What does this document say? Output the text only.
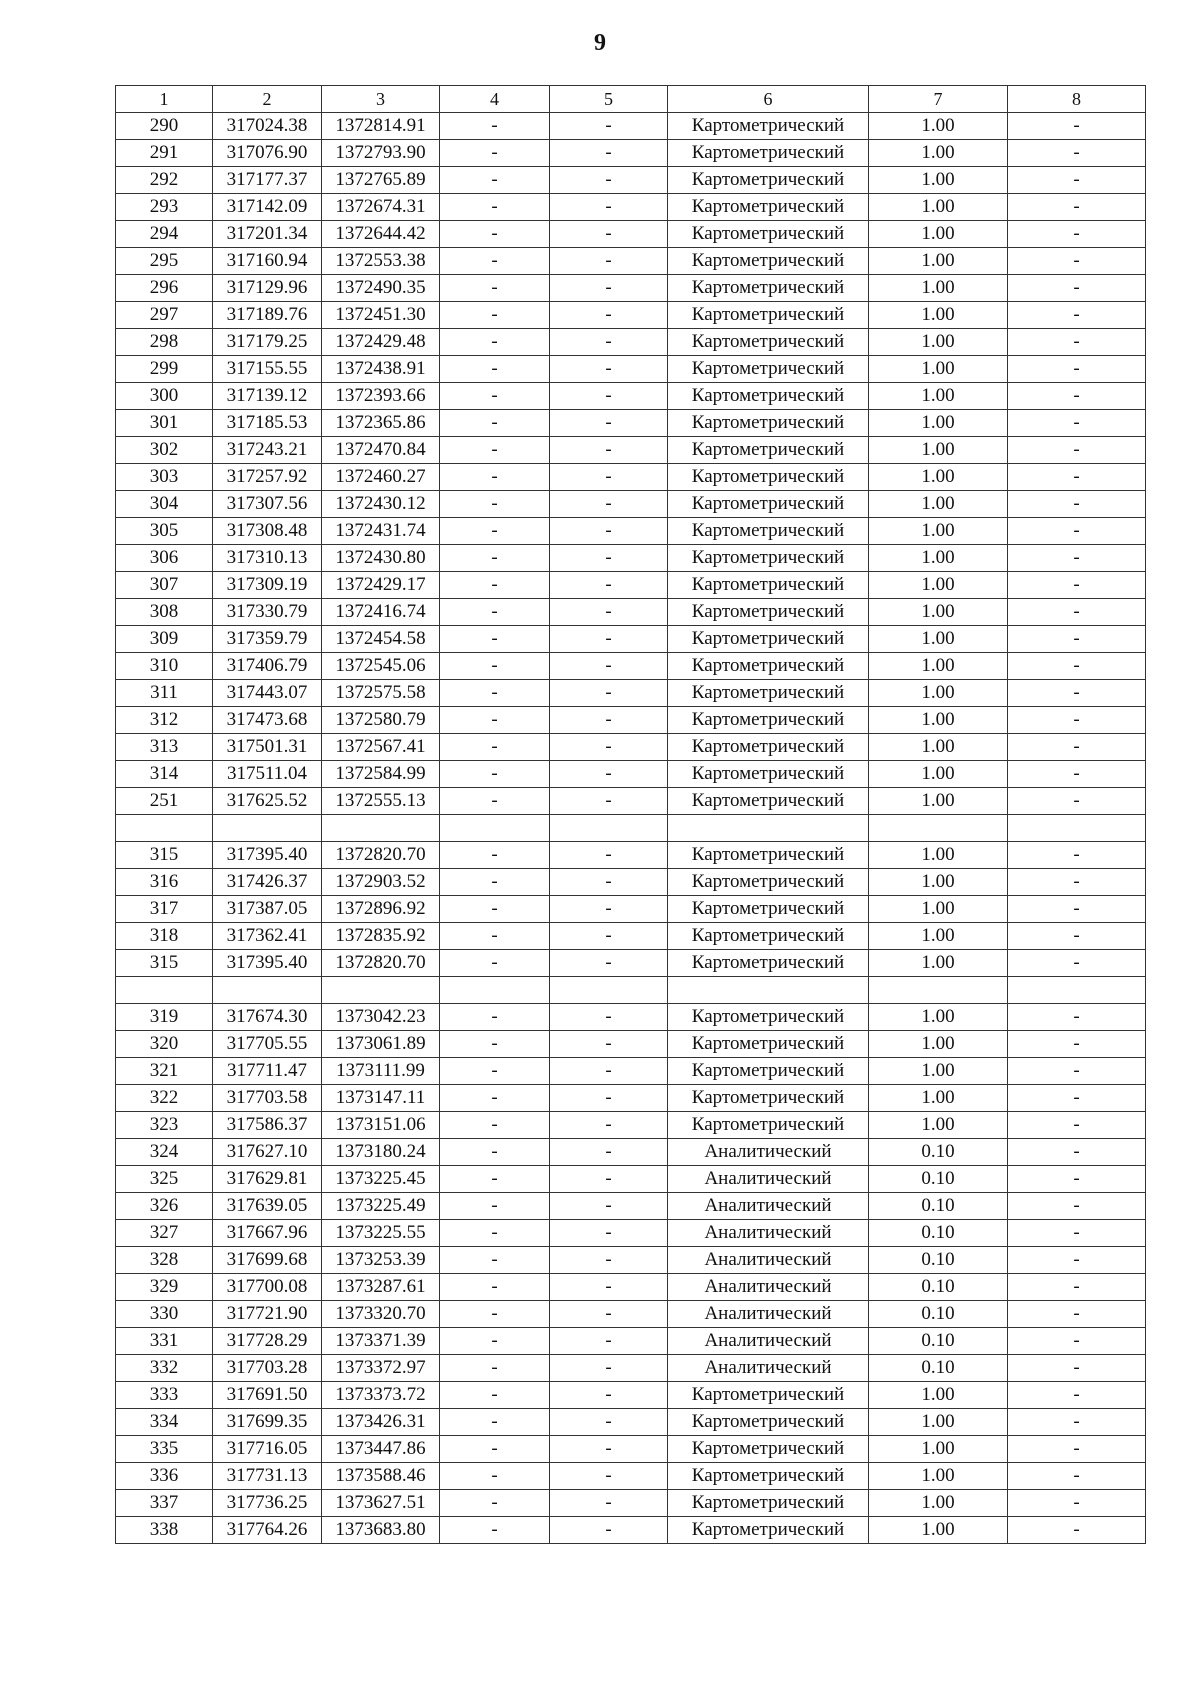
9
1	2	3	4	5	6	7	8
290	317024.38	1372814.91	-	-	Картометрический	1.00	-
291	317076.90	1372793.90	-	-	Картометрический	1.00	-
292	317177.37	1372765.89	-	-	Картометрический	1.00	-
293	317142.09	1372674.31	-	-	Картометрический	1.00	-
294	317201.34	1372644.42	-	-	Картометрический	1.00	-
295	317160.94	1372553.38	-	-	Картометрический	1.00	-
296	317129.96	1372490.35	-	-	Картометрический	1.00	-
297	317189.76	1372451.30	-	-	Картометрический	1.00	-
298	317179.25	1372429.48	-	-	Картометрический	1.00	-
299	317155.55	1372438.91	-	-	Картометрический	1.00	-
300	317139.12	1372393.66	-	-	Картометрический	1.00	-
301	317185.53	1372365.86	-	-	Картометрический	1.00	-
302	317243.21	1372470.84	-	-	Картометрический	1.00	-
303	317257.92	1372460.27	-	-	Картометрический	1.00	-
304	317307.56	1372430.12	-	-	Картометрический	1.00	-
305	317308.48	1372431.74	-	-	Картометрический	1.00	-
306	317310.13	1372430.80	-	-	Картометрический	1.00	-
307	317309.19	1372429.17	-	-	Картометрический	1.00	-
308	317330.79	1372416.74	-	-	Картометрический	1.00	-
309	317359.79	1372454.58	-	-	Картометрический	1.00	-
310	317406.79	1372545.06	-	-	Картометрический	1.00	-
311	317443.07	1372575.58	-	-	Картометрический	1.00	-
312	317473.68	1372580.79	-	-	Картометрический	1.00	-
313	317501.31	1372567.41	-	-	Картометрический	1.00	-
314	317511.04	1372584.99	-	-	Картометрический	1.00	-
251	317625.52	1372555.13	-	-	Картометрический	1.00	-

315	317395.40	1372820.70	-	-	Картометрический	1.00	-
316	317426.37	1372903.52	-	-	Картометрический	1.00	-
317	317387.05	1372896.92	-	-	Картометрический	1.00	-
318	317362.41	1372835.92	-	-	Картометрический	1.00	-
315	317395.40	1372820.70	-	-	Картометрический	1.00	-

319	317674.30	1373042.23	-	-	Картометрический	1.00	-
320	317705.55	1373061.89	-	-	Картометрический	1.00	-
321	317711.47	1373111.99	-	-	Картометрический	1.00	-
322	317703.58	1373147.11	-	-	Картометрический	1.00	-
323	317586.37	1373151.06	-	-	Картометрический	1.00	-
324	317627.10	1373180.24	-	-	Аналитический	0.10	-
325	317629.81	1373225.45	-	-	Аналитический	0.10	-
326	317639.05	1373225.49	-	-	Аналитический	0.10	-
327	317667.96	1373225.55	-	-	Аналитический	0.10	-
328	317699.68	1373253.39	-	-	Аналитический	0.10	-
329	317700.08	1373287.61	-	-	Аналитический	0.10	-
330	317721.90	1373320.70	-	-	Аналитический	0.10	-
331	317728.29	1373371.39	-	-	Аналитический	0.10	-
332	317703.28	1373372.97	-	-	Аналитический	0.10	-
333	317691.50	1373373.72	-	-	Картометрический	1.00	-
334	317699.35	1373426.31	-	-	Картометрический	1.00	-
335	317716.05	1373447.86	-	-	Картометрический	1.00	-
336	317731.13	1373588.46	-	-	Картометрический	1.00	-
337	317736.25	1373627.51	-	-	Картометрический	1.00	-
338	317764.26	1373683.80	-	-	Картометрический	1.00	-
